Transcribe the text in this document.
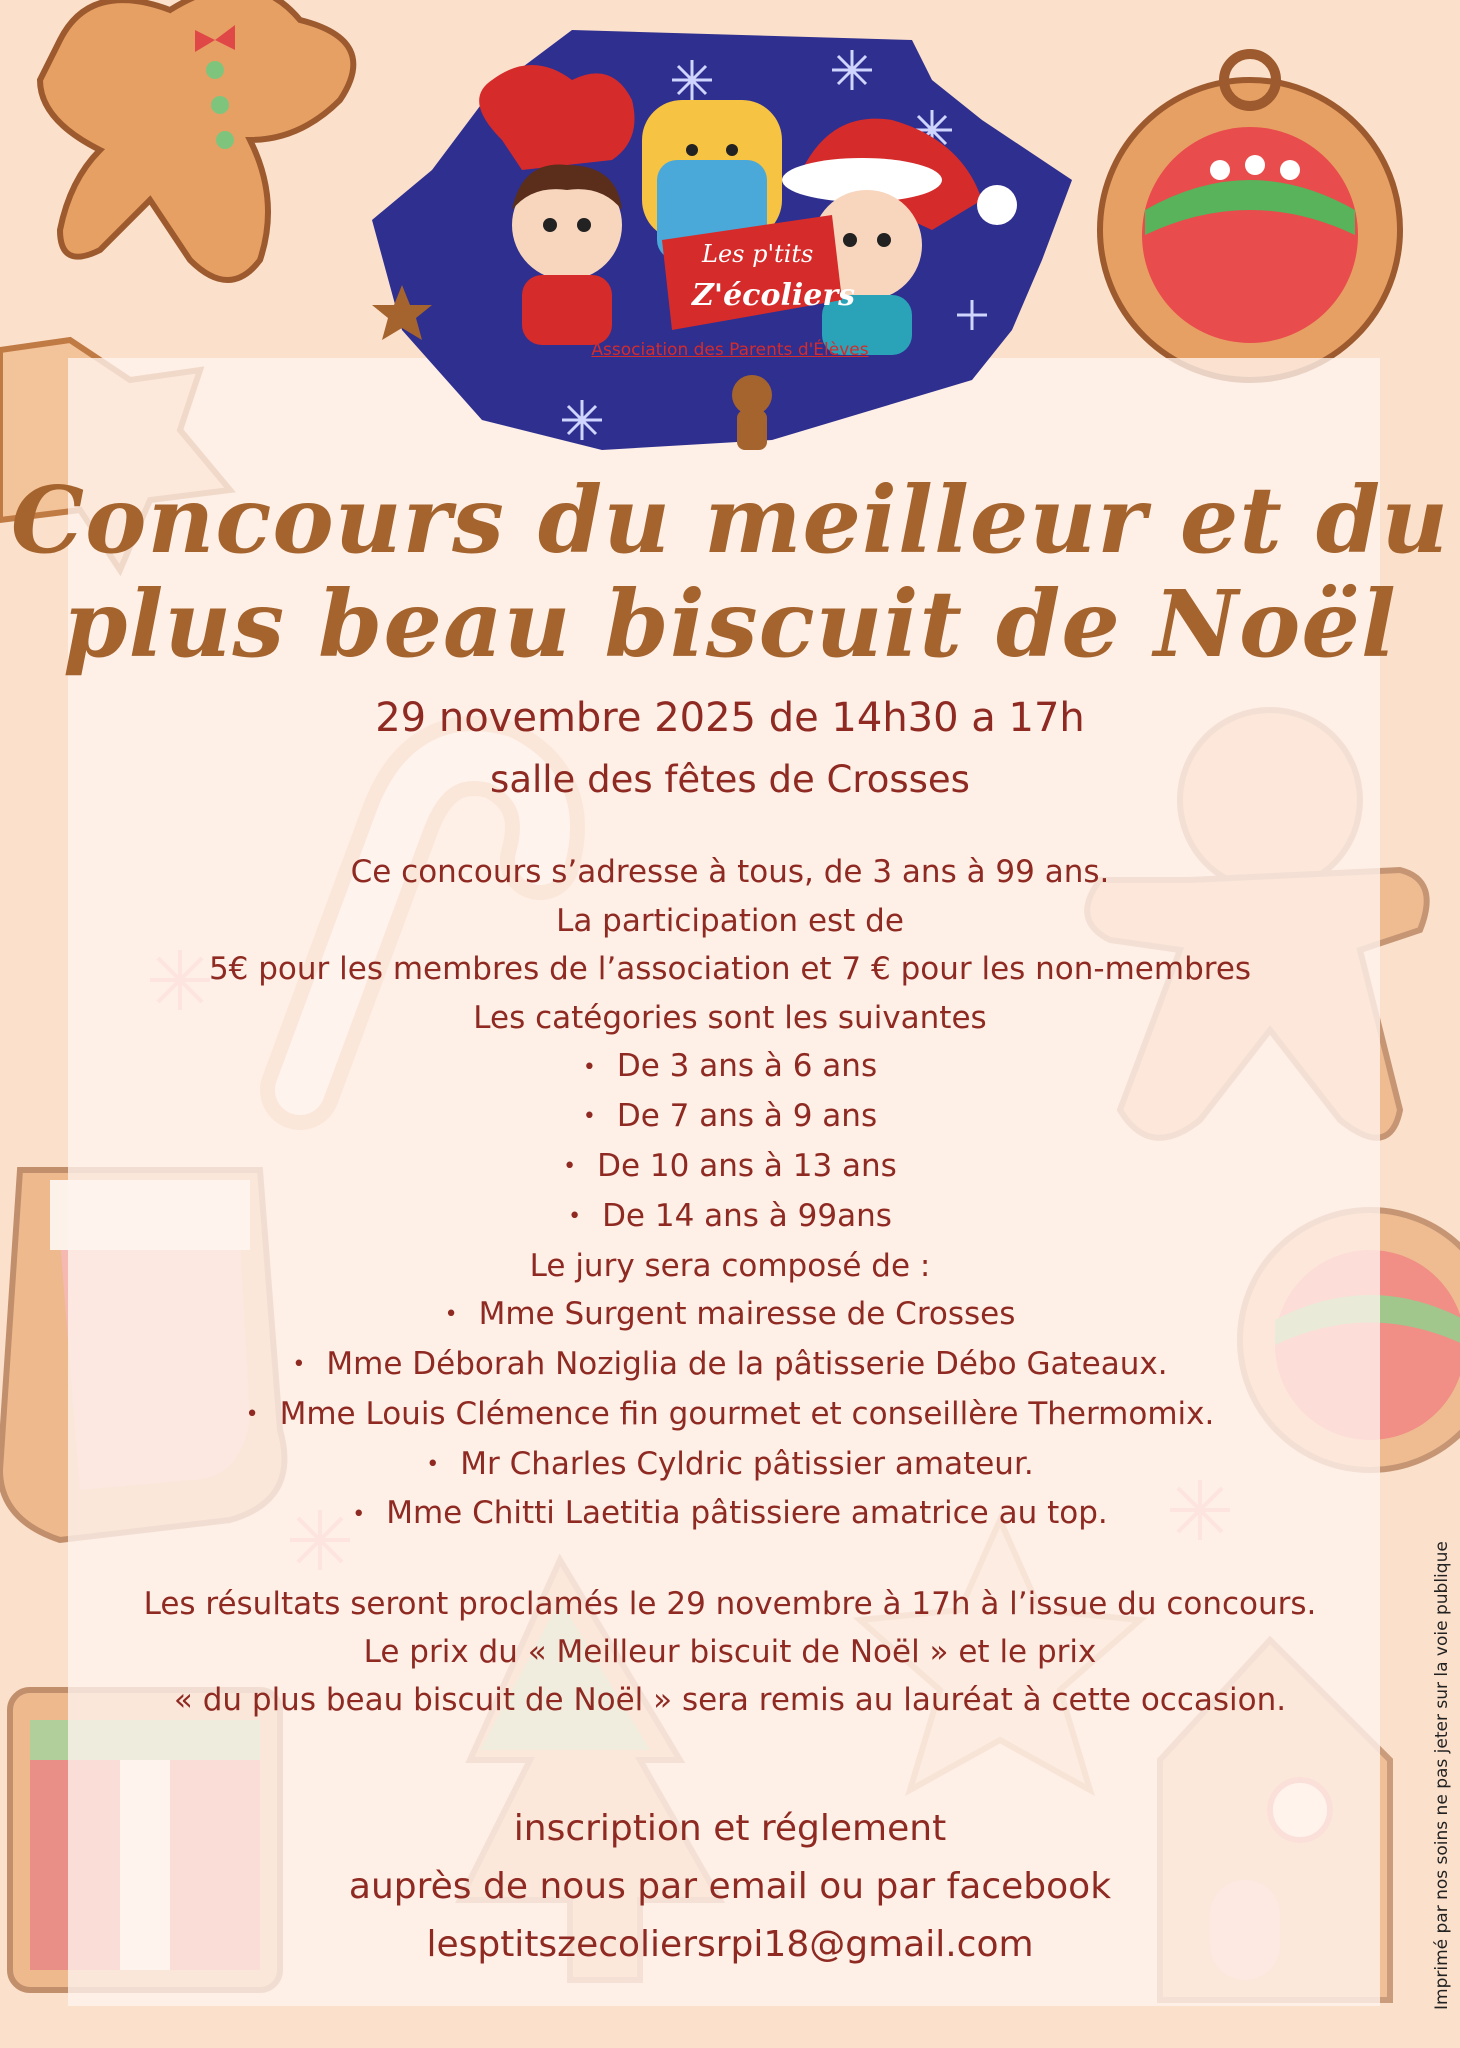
Les p'tits
Z'écoliers
Association des Parents d'Élèves
Concours du meilleur et du
plus beau biscuit de Noël
29 novembre 2025 de 14h30 a 17h
salle des fêtes de Crosses
Ce concours s’adresse à tous, de 3 ans à 99 ans.
La participation est de
5€ pour les membres de l’association et 7 € pour les non-membres
Les catégories sont les suivantes
•   De 3 ans à 6 ans
•   De 7 ans à 9 ans
•   De 10 ans à 13 ans
•   De 14 ans à 99ans
Le jury sera composé de :
•   Mme Surgent mairesse de Crosses
•   Mme Déborah Noziglia de la pâtisserie Débo Gateaux.
•   Mme Louis Clémence fin gourmet et conseillère Thermomix.
•   Mr Charles Cyldric pâtissier amateur.
•   Mme Chitti Laetitia pâtissiere amatrice au top.
Les résultats seront proclamés le 29 novembre à 17h à l’issue du concours.
Le prix du « Meilleur biscuit de Noël » et le prix
« du plus beau biscuit de Noël » sera remis au lauréat à cette occasion.
inscription et réglement
auprès de nous par email ou par facebook
lesptitszecoliersrpi18@gmail.com	Imprimé par nos soins ne pas jeter sur la voie publique
